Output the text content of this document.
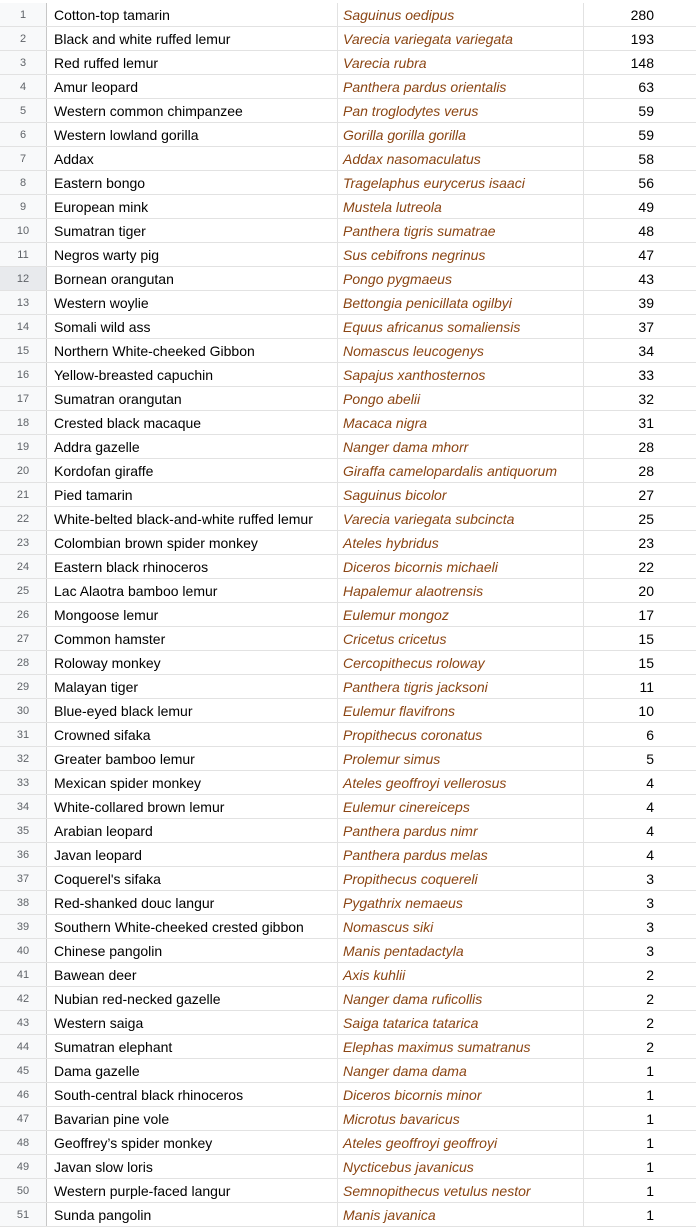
1	Cotton-top tamarin	Saguinus oedipus	280
2	Black and white ruffed lemur	Varecia variegata variegata	193
3	Red ruffed lemur	Varecia rubra	148
4	Amur leopard	Panthera pardus orientalis	63
5	Western common chimpanzee	Pan troglodytes verus	59
6	Western lowland gorilla	Gorilla gorilla gorilla	59
7	Addax	Addax nasomaculatus	58
8	Eastern bongo	Tragelaphus eurycerus isaaci	56
9	European mink	Mustela lutreola	49
10	Sumatran tiger	Panthera tigris sumatrae	48
11	Negros warty pig	Sus cebifrons negrinus	47
12	Bornean orangutan	Pongo pygmaeus	43
13	Western woylie	Bettongia penicillata ogilbyi	39
14	Somali wild ass	Equus africanus somaliensis	37
15	Northern White-cheeked Gibbon	Nomascus leucogenys	34
16	Yellow-breasted capuchin	Sapajus xanthosternos	33
17	Sumatran orangutan	Pongo abelii	32
18	Crested black macaque	Macaca nigra	31
19	Addra gazelle	Nanger dama mhorr	28
20	Kordofan giraffe	Giraffa camelopardalis antiquorum	28
21	Pied tamarin	Saguinus bicolor	27
22	White-belted black-and-white ruffed lemur	Varecia variegata subcincta	25
23	Colombian brown spider monkey	Ateles hybridus	23
24	Eastern black rhinoceros	Diceros bicornis michaeli	22
25	Lac Alaotra bamboo lemur	Hapalemur alaotrensis	20
26	Mongoose lemur	Eulemur mongoz	17
27	Common hamster	Cricetus cricetus	15
28	Roloway monkey	Cercopithecus roloway	15
29	Malayan tiger	Panthera tigris jacksoni	11
30	Blue-eyed black lemur	Eulemur flavifrons	10
31	Crowned sifaka	Propithecus coronatus	6
32	Greater bamboo lemur	Prolemur simus	5
33	Mexican spider monkey	Ateles geoffroyi vellerosus	4
34	White-collared brown lemur	Eulemur cinereiceps	4
35	Arabian leopard	Panthera pardus nimr	4
36	Javan leopard	Panthera pardus melas	4
37	Coquerel's sifaka	Propithecus coquereli	3
38	Red-shanked douc langur	Pygathrix nemaeus	3
39	Southern White-cheeked crested gibbon	Nomascus siki	3
40	Chinese pangolin	Manis pentadactyla	3
41	Bawean deer	Axis kuhlii	2
42	Nubian red-necked gazelle	Nanger dama ruficollis	2
43	Western saiga	Saiga tatarica tatarica	2
44	Sumatran elephant	Elephas maximus sumatranus	2
45	Dama gazelle	Nanger dama dama	1
46	South-central black rhinoceros	Diceros bicornis minor	1
47	Bavarian pine vole	Microtus bavaricus	1
48	Geoffrey’s spider monkey	Ateles geoffroyi geoffroyi	1
49	Javan slow loris	Nycticebus javanicus	1
50	Western purple-faced langur	Semnopithecus vetulus nestor	1
51	Sunda pangolin	Manis javanica	1
